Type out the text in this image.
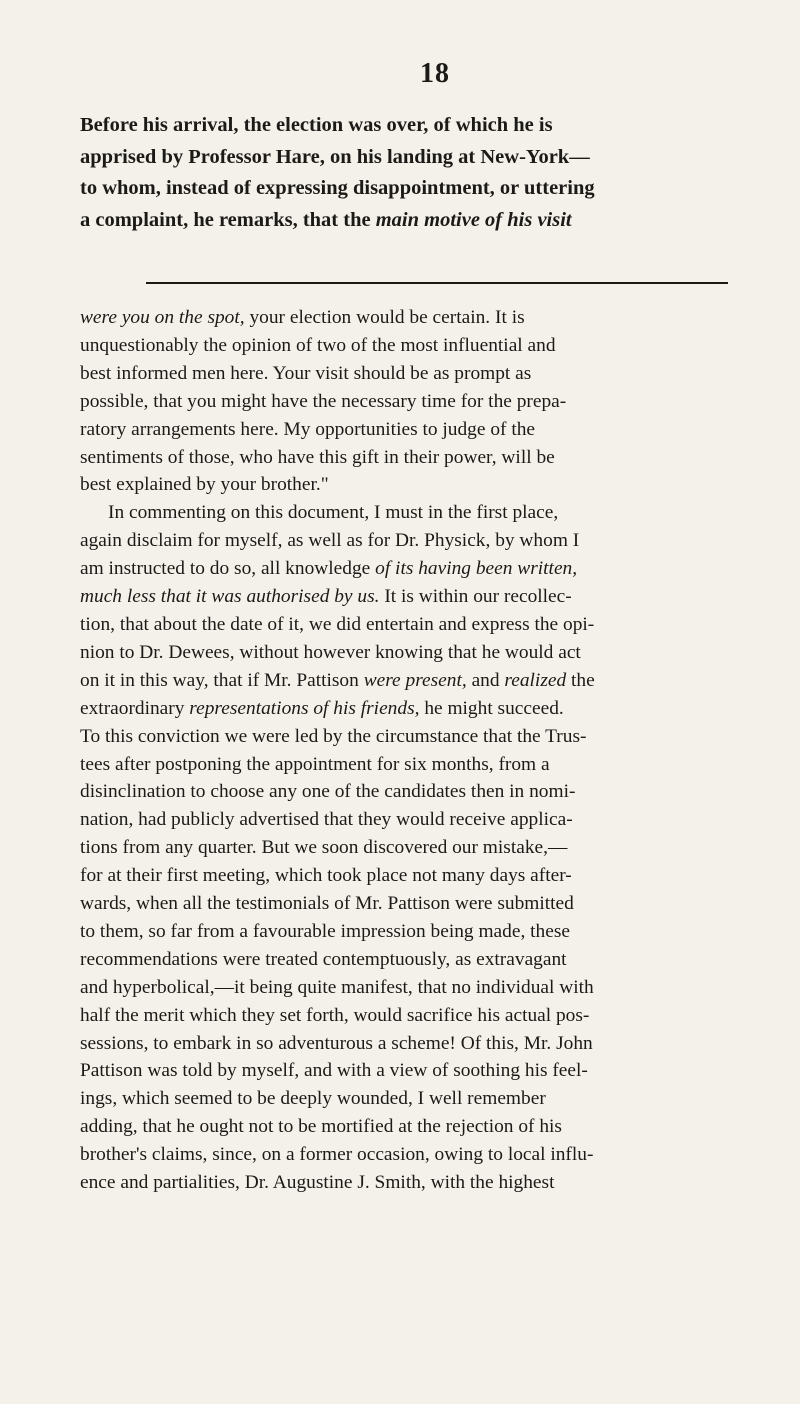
18
Before his arrival, the election was over, of which he is
apprised by Professor Hare, on his landing at New-York—
to whom, instead of expressing disappointment, or uttering
a complaint, he remarks, that the main motive of his visit
were you on the spot, your election would be certain. It is
unquestionably the opinion of two of the most influential and
best informed men here. Your visit should be as prompt as
possible, that you might have the necessary time for the prepa-
ratory arrangements here. My opportunities to judge of the
sentiments of those, who have this gift in their power, will be
best explained by your brother."
In commenting on this document, I must in the first place,
again disclaim for myself, as well as for Dr. Physick, by whom I
am instructed to do so, all knowledge of its having been written,
much less that it was authorised by us. It is within our recollec-
tion, that about the date of it, we did entertain and express the opi-
nion to Dr. Dewees, without however knowing that he would act
on it in this way, that if Mr. Pattison were present, and realized the
extraordinary representations of his friends, he might succeed.
To this conviction we were led by the circumstance that the Trus-
tees after postponing the appointment for six months, from a
disinclination to choose any one of the candidates then in nomi-
nation, had publicly advertised that they would receive applica-
tions from any quarter. But we soon discovered our mistake,—
for at their first meeting, which took place not many days after-
wards, when all the testimonials of Mr. Pattison were submitted
to them, so far from a favourable impression being made, these
recommendations were treated contemptuously, as extravagant
and hyperbolical,—it being quite manifest, that no individual with
half the merit which they set forth, would sacrifice his actual pos-
sessions, to embark in so adventurous a scheme! Of this, Mr. John
Pattison was told by myself, and with a view of soothing his feel-
ings, which seemed to be deeply wounded, I well remember
adding, that he ought not to be mortified at the rejection of his
brother's claims, since, on a former occasion, owing to local influ-
ence and partialities, Dr. Augustine J. Smith, with the highest
